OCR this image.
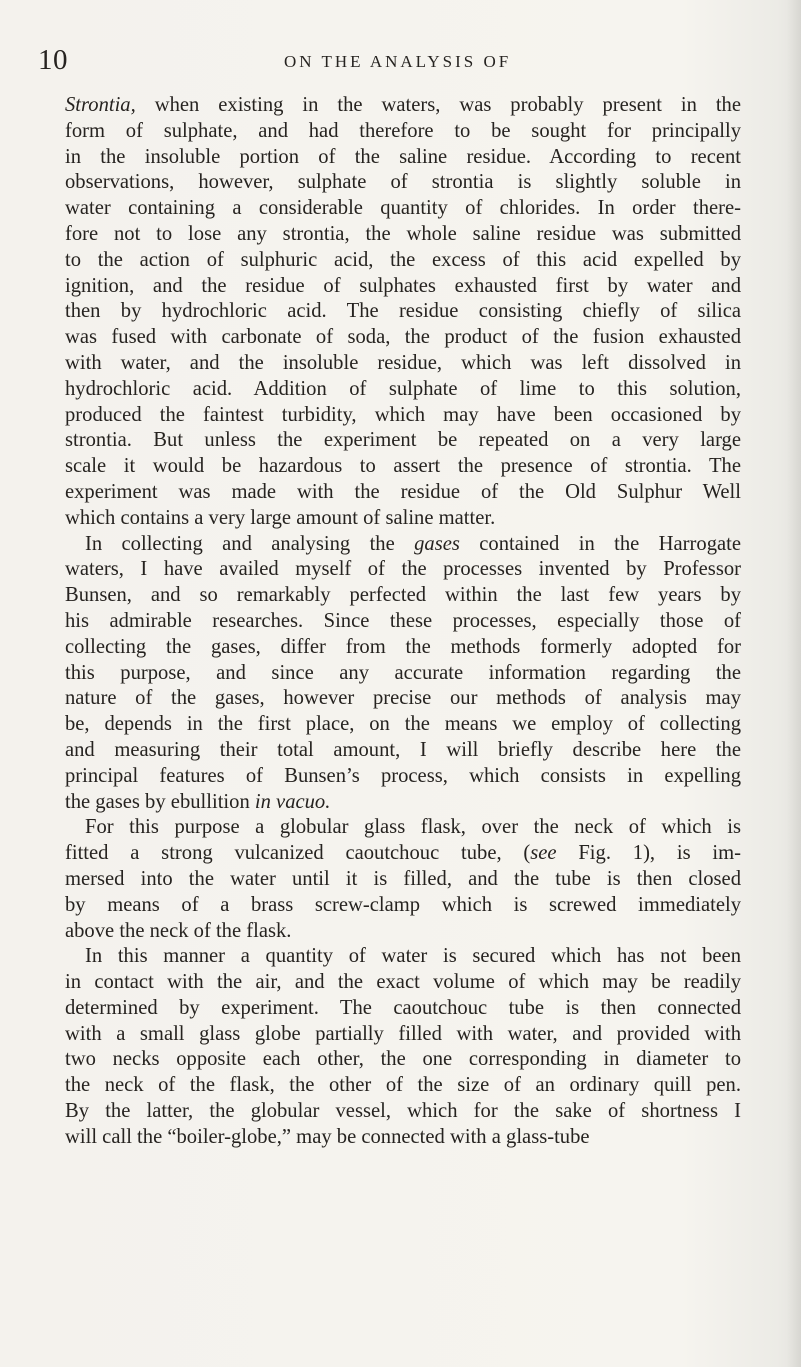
10	ON THE ANALYSIS OF
Strontia, when existing in the waters, was probably present in the
form of sulphate, and had therefore to be sought for principally
in the insoluble portion of the saline residue. According to recent
observations, however, sulphate of strontia is slightly soluble in
water containing a considerable quantity of chlorides. In order there-
fore not to lose any strontia, the whole saline residue was submitted
to the action of sulphuric acid, the excess of this acid expelled by
ignition, and the residue of sulphates exhausted first by water and
then by hydrochloric acid. The residue consisting chiefly of silica
was fused with carbonate of soda, the product of the fusion exhausted
with water, and the insoluble residue, which was left dissolved in
hydrochloric acid. Addition of sulphate of lime to this solution,
produced the faintest turbidity, which may have been occasioned by
strontia. But unless the experiment be repeated on a very large
scale it would be hazardous to assert the presence of strontia. The
experiment was made with the residue of the Old Sulphur Well
which contains a very large amount of saline matter.
In collecting and analysing the gases contained in the Harrogate
waters, I have availed myself of the processes invented by Professor
Bunsen, and so remarkably perfected within the last few years by
his admirable researches. Since these processes, especially those of
collecting the gases, differ from the methods formerly adopted for
this purpose, and since any accurate information regarding the
nature of the gases, however precise our methods of analysis may
be, depends in the first place, on the means we employ of collecting
and measuring their total amount, I will briefly describe here the
principal features of Bunsen’s process, which consists in expelling
the gases by ebullition in vacuo.
For this purpose a globular glass flask, over the neck of which is
fitted a strong vulcanized caoutchouc tube, (see Fig. 1), is im-
mersed into the water until it is filled, and the tube is then closed
by means of a brass screw-clamp which is screwed immediately
above the neck of the flask.
In this manner a quantity of water is secured which has not been
in contact with the air, and the exact volume of which may be readily
determined by experiment. The caoutchouc tube is then connected
with a small glass globe partially filled with water, and provided with
two necks opposite each other, the one corresponding in diameter to
the neck of the flask, the other of the size of an ordinary quill pen.
By the latter, the globular vessel, which for the sake of shortness I
will call the “boiler-globe,” may be connected with a glass-tube
